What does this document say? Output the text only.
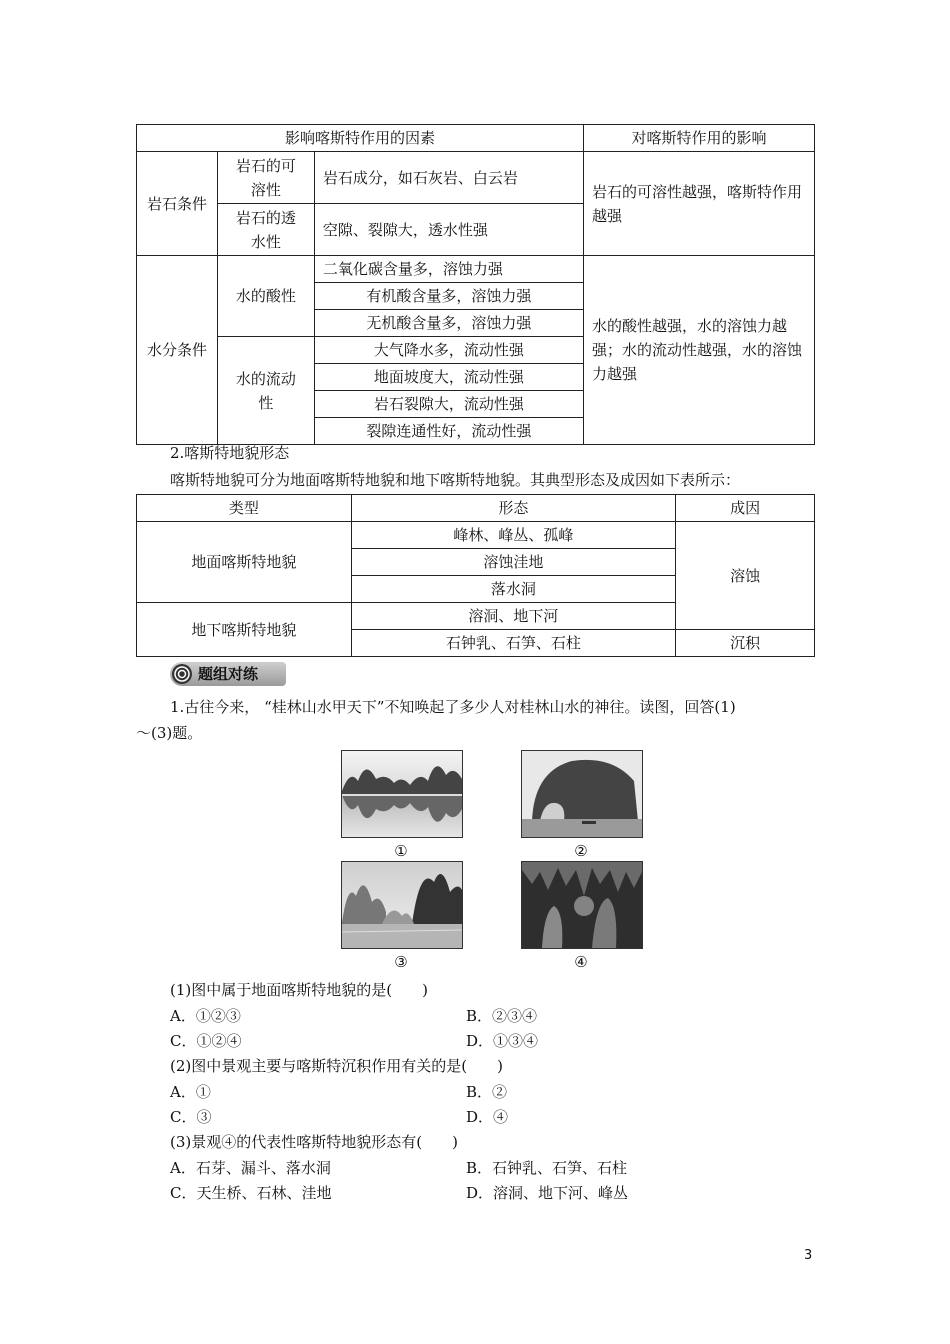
影响喀斯特作用的因素			对喀斯特作用的影响

岩石条件	岩石的可溶性	岩石成分，如石灰岩、白云岩	岩石的可溶性越强，喀斯特作用越强

	岩石的透水性	空隙、裂隙大，透水性强	

水分条件	水的酸性	二氧化碳含量多，溶蚀力强	水的酸性越强，水的溶蚀力越强；水的流动性越强，水的溶蚀力越强

		有机酸含量多，溶蚀力强	
		无机酸含量多，溶蚀力强	

	水的流动性	大气降水多，流动性强	
		地面坡度大，流动性强	
		岩石裂隙大，流动性强	
		裂隙连通性好，流动性强	
2.喀斯特地貌形态
喀斯特地貌可分为地面喀斯特地貌和地下喀斯特地貌。其典型形态及成因如下表所示：
类型	形态	成因
地面喀斯特地貌	峰林、峰丛、孤峰	溶蚀
	溶蚀洼地	
	落水洞	
地下喀斯特地貌	溶洞、地下河	
	石钟乳、石笋、石柱	沉积
题组对练
1.古往今来， “桂林山水甲天下”不知唤起了多少人对桂林山水的神往。读图，回答(1)
～(3)题。
①	②
③	④
(1)图中属于地面喀斯特地貌的是(　　)
A．①②③	B．②③④
C．①②④	D．①③④
(2)图中景观主要与喀斯特沉积作用有关的是(　　)
A．①	B．②
C．③	D．④
(3)景观④的代表性喀斯特地貌形态有(　　)
A．石芽、漏斗、落水洞	B．石钟乳、石笋、石柱
C．天生桥、石林、洼地	D．溶洞、地下河、峰丛
3
